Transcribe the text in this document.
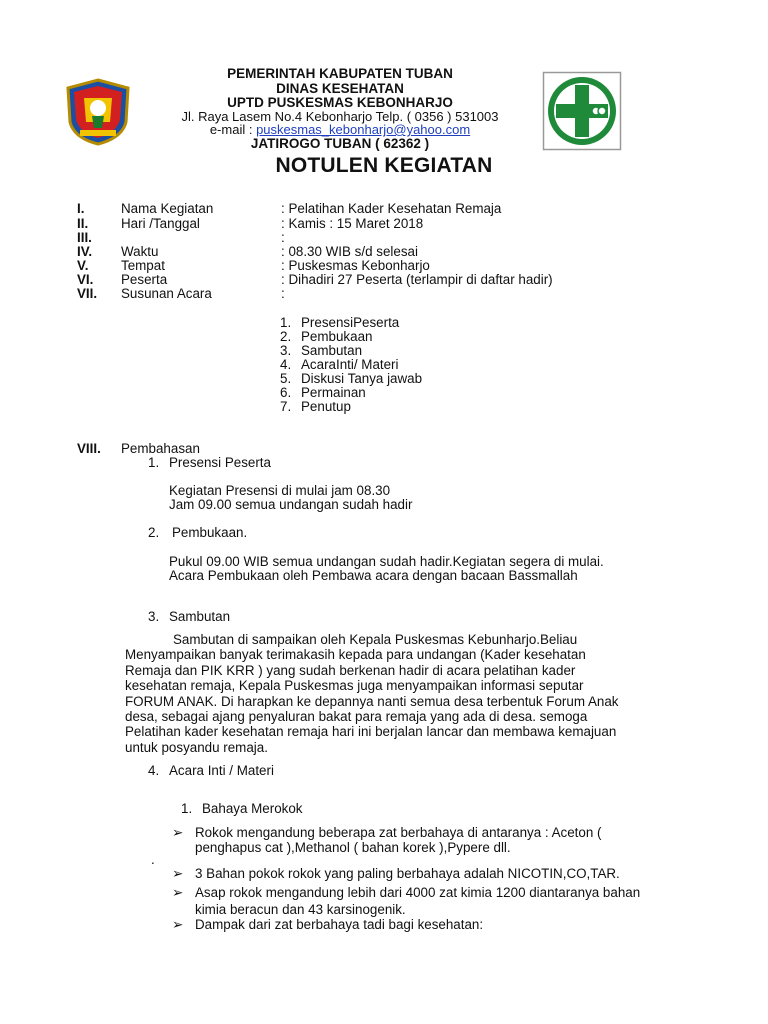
PEMERINTAH KABUPATEN TUBAN
DINAS KESEHATAN
UPTD PUSKESMAS KEBONHARJO
Jl. Raya Lasem No.4 Kebonharjo Telp. ( 0356 ) 531003
e-mail : puskesmas_kebonharjo@yahoo.com
JATIROGO TUBAN ( 62362 )
NOTULEN KEGIATAN
I.	Nama Kegiatan	: Pelatihan Kader Kesehatan Remaja
II. Hari /Tanggal	: Kamis : 15 Maret 2018
III.	:
IV. Waktu	: 08.30 WIB s/d selesai
V. Tempat	: Puskesmas Kebonharjo
VI. Peserta	: Dihadiri 27 Peserta (terlampir di daftar hadir)
VII. Susunan Acara	:
1. PresensiPeserta
2. Pembukaan
3. Sambutan
4. AcaraInti/ Materi
5. Diskusi Tanya jawab
6. Permainan
7. Penutup
VIII. Pembahasan
1. Presensi Peserta
Kegiatan Presensi di mulai jam 08.30
Jam 09.00 semua undangan sudah hadir
2. Pembukaan.
Pukul 09.00 WIB semua undangan sudah hadir.Kegiatan segera di mulai.
Acara Pembukaan oleh Pembawa acara dengan bacaan Bassmallah
3. Sambutan
Sambutan di sampaikan oleh Kepala Puskesmas Kebunharjo.Beliau
Menyampaikan banyak terimakasih kepada para undangan (Kader kesehatan
Remaja dan PIK KRR ) yang sudah berkenan hadir di acara pelatihan kader
kesehatan remaja, Kepala Puskesmas juga menyampaikan informasi seputar
FORUM ANAK. Di harapkan ke depannya nanti semua desa terbentuk Forum Anak
desa, sebagai ajang penyaluran bakat para remaja yang ada di desa. semoga
Pelatihan kader kesehatan remaja hari ini berjalan lancar dan membawa kemajuan
untuk posyandu remaja.
4. Acara Inti / Materi
1. Bahaya Merokok
➢ Rokok mengandung beberapa zat berbahaya di antaranya : Aceton (
penghapus cat ),Methanol ( bahan korek ),Pypere dll.
.
➢ 3 Bahan pokok rokok yang paling berbahaya adalah NICOTIN,CO,TAR.
➢ Asap rokok mengandung lebih dari 4000 zat kimia 1200 diantaranya bahan
kimia beracun dan 43 karsinogenik.
➢ Dampak dari zat berbahaya tadi bagi kesehatan:
